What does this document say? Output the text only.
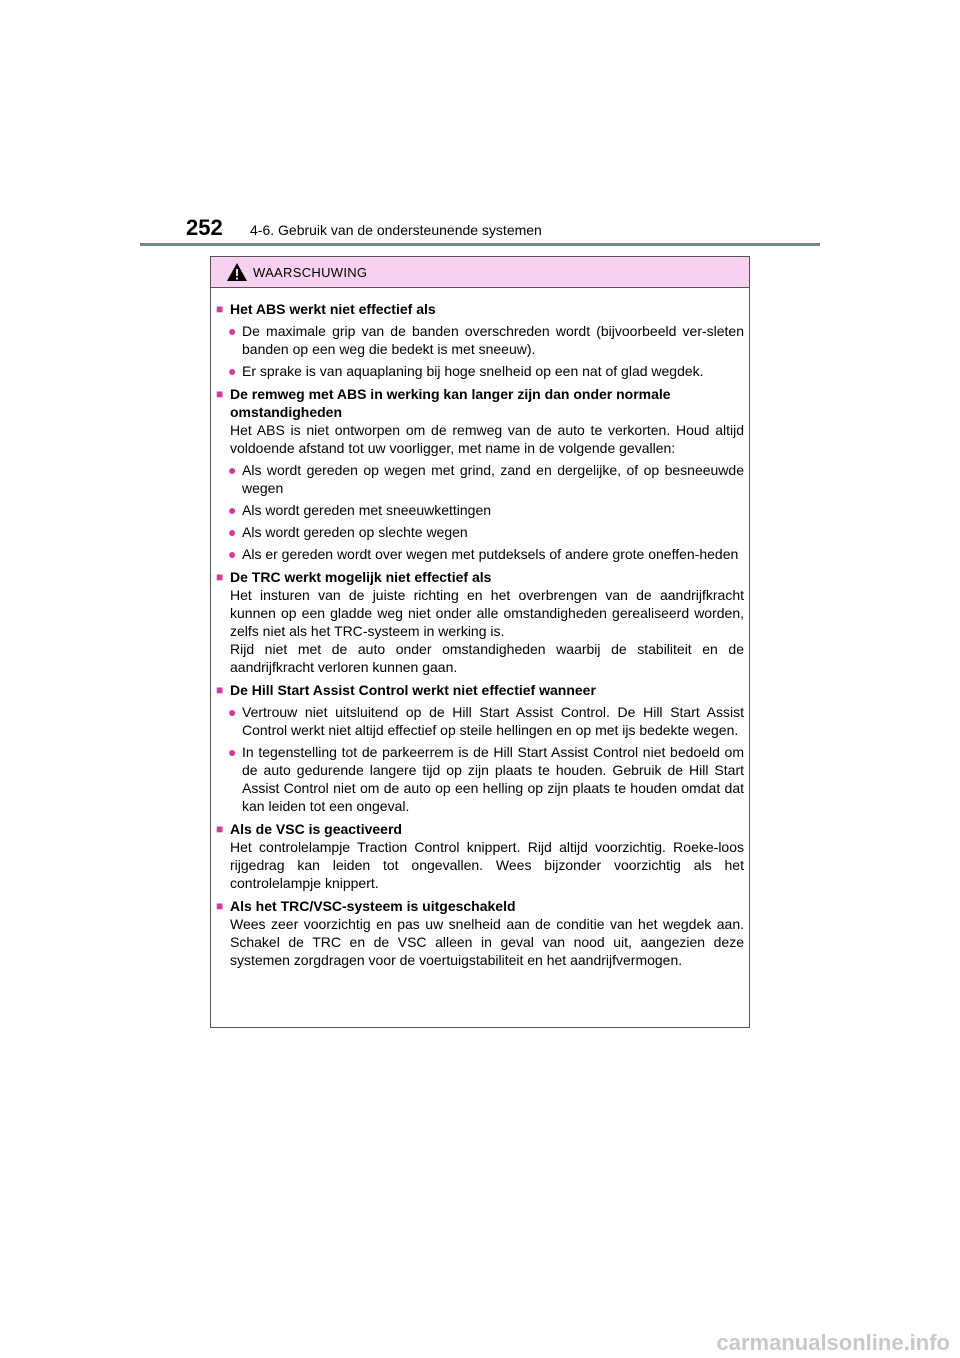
252 4-6. Gebruik van de ondersteunende systemen
WAARSCHUWING
■ Het ABS werkt niet effectief als
● De maximale grip van de banden overschreden wordt (bijvoorbeeld ver-sleten banden op een weg die bedekt is met sneeuw).
● Er sprake is van aquaplaning bij hoge snelheid op een nat of glad wegdek.
■ De remweg met ABS in werking kan langer zijn dan onder normale omstandigheden
Het ABS is niet ontworpen om de remweg van de auto te verkorten. Houd altijd voldoende afstand tot uw voorligger, met name in de volgende gevallen:
● Als wordt gereden op wegen met grind, zand en dergelijke, of op besneeuwde wegen
● Als wordt gereden met sneeuwkettingen
● Als wordt gereden op slechte wegen
● Als er gereden wordt over wegen met putdeksels of andere grote oneffen-heden
■ De TRC werkt mogelijk niet effectief als
Het insturen van de juiste richting en het overbrengen van de aandrijfkracht kunnen op een gladde weg niet onder alle omstandigheden gerealiseerd worden, zelfs niet als het TRC-systeem in werking is.
Rijd niet met de auto onder omstandigheden waarbij de stabiliteit en de aandrijfkracht verloren kunnen gaan.
■ De Hill Start Assist Control werkt niet effectief wanneer
● Vertrouw niet uitsluitend op de Hill Start Assist Control. De Hill Start Assist Control werkt niet altijd effectief op steile hellingen en op met ijs bedekte wegen.
● In tegenstelling tot de parkeerrem is de Hill Start Assist Control niet bedoeld om de auto gedurende langere tijd op zijn plaats te houden. Gebruik de Hill Start Assist Control niet om de auto op een helling op zijn plaats te houden omdat dat kan leiden tot een ongeval.
■ Als de VSC is geactiveerd
Het controlelampje Traction Control knippert. Rijd altijd voorzichtig. Roeke-loos rijgedrag kan leiden tot ongevallen. Wees bijzonder voorzichtig als het controlelampje knippert.
■ Als het TRC/VSC-systeem is uitgeschakeld
Wees zeer voorzichtig en pas uw snelheid aan de conditie van het wegdek aan. Schakel de TRC en de VSC alleen in geval van nood uit, aangezien deze systemen zorgdragen voor de voertuigstabiliteit en het aandrijfvermogen.
carmanualsonline.info
